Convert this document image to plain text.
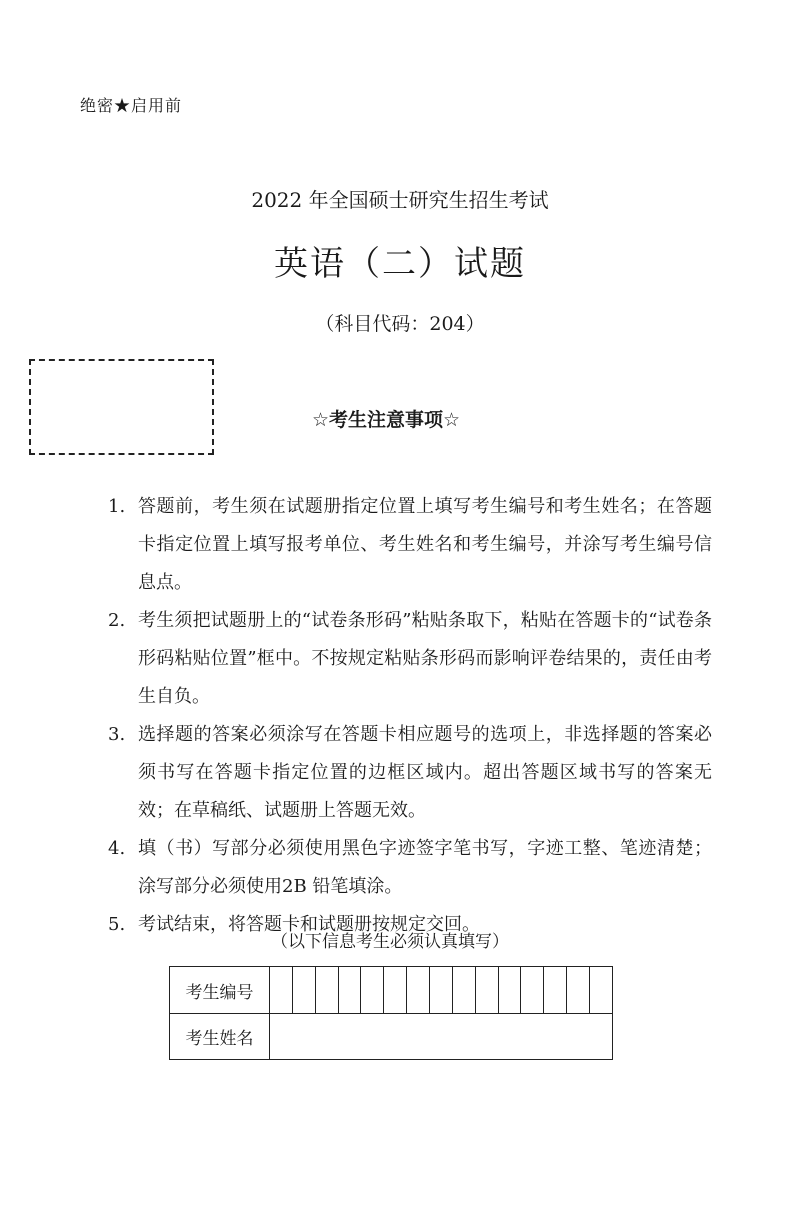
绝密★启用前
2022 年全国硕士研究生招生考试
英语（二）试题
（科目代码：204）
☆考生注意事项☆
1. 答题前，考生须在试题册指定位置上填写考生编号和考生姓名；在答题卡指定位置上填写报考单位、考生姓名和考生编号，并涂写考生编号信息点。
2. 考生须把试题册上的“试卷条形码”粘贴条取下，粘贴在答题卡的“试卷条形码粘贴位置”框中。不按规定粘贴条形码而影响评卷结果的，责任由考生自负。
3. 选择题的答案必须涂写在答题卡相应题号的选项上，非选择题的答案必须书写在答题卡指定位置的边框区域内。超出答题区域书写的答案无效；在草稿纸、试题册上答题无效。
4. 填（书）写部分必须使用黑色字迹签字笔书写，字迹工整、笔迹清楚；涂写部分必须使用2B 铅笔填涂。
5. 考试结束，将答题卡和试题册按规定交回。
（以下信息考生必须认真填写）
考生编号
考生姓名
